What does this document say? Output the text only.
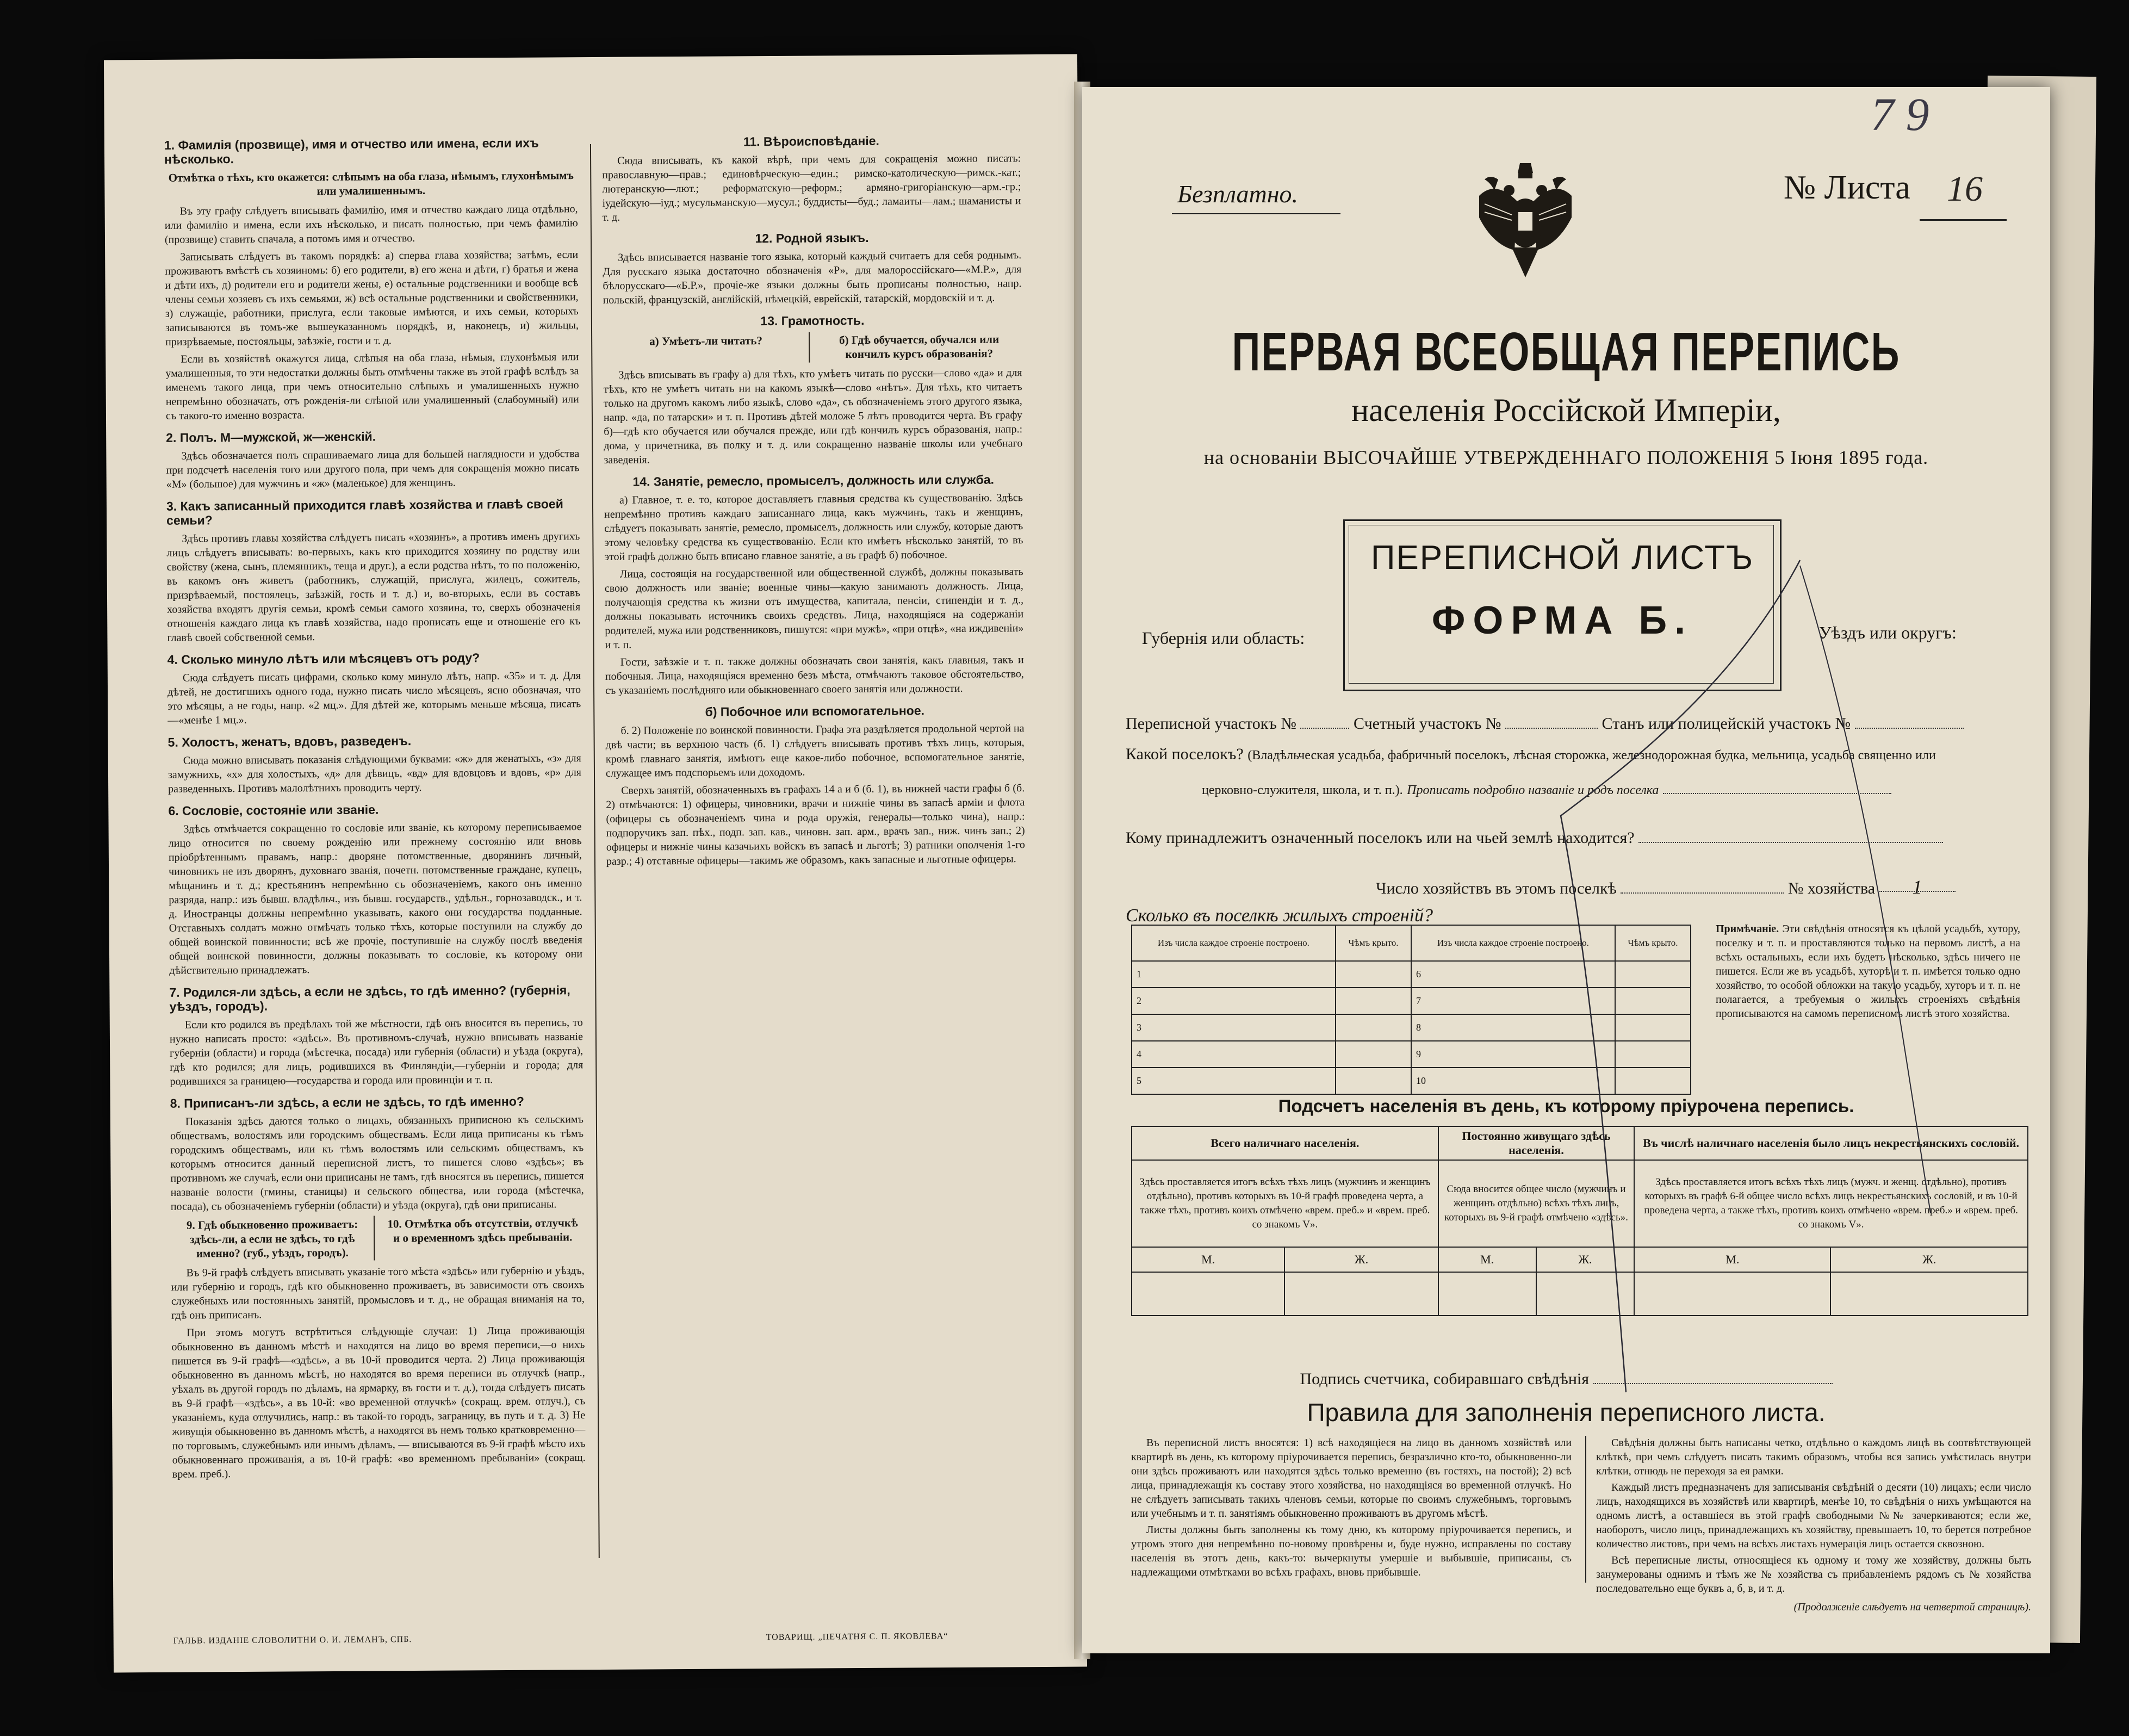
1. Фамилія (прозвище), имя и отчество или имена, если ихъ нѣсколько.
Отмѣтка о тѣхъ, кто окажется: слѣпымъ на оба глаза, нѣмымъ, глухонѣмымъ или умалишеннымъ.

Въ эту графу слѣдуетъ вписывать фамилію, имя и отчество каждаго лица отдѣльно, или фамилію и имена, если ихъ нѣсколько, и писать полностью, при чемъ фамилію (прозвище) ставить спачала, а потомъ имя и отчество.

Записывать слѣдуетъ въ такомъ порядкѣ: а) сперва глава хозяйства; затѣмъ, если проживаютъ вмѣстѣ съ хозяиномъ: б) его родители, в) его жена и дѣти, г) братья и жена и дѣти ихъ, д) родители его и родители жены, е) остальные родственники и вообще всѣ члены семьи хозяевъ съ ихъ семьями, ж) всѣ остальные родственники и свойственники, з) служащіе, работники, прислуга, если таковые имѣются, и ихъ семьи, которыхъ записываются въ томъ-же вышеуказанномъ порядкѣ, и, наконецъ, и) жильцы, призрѣваемые, постояльцы, заѣзжіе, гости и т. д.

Если въ хозяйствѣ окажутся лица, слѣпыя на оба глаза, нѣмыя, глухонѣмыя или умалишенныя, то эти недостатки должны быть отмѣчены также въ этой графѣ вслѣдъ за именемъ такого лица, при чемъ относительно слѣпыхъ и умалишенныхъ нужно непремѣнно обозначать, отъ рожденія-ли слѣпой или умалишенный (слабоумный) или съ такого-то именно возраста.

2. Полъ. М—мужской, ж—женскій.

Здѣсь обозначается полъ спрашиваемаго лица для большей наглядности и удобства при подсчетѣ населенія того или другого пола, при чемъ для сокращенія можно писать «М» (большое) для мужчинъ и «ж» (маленькое) для женщинъ.

3. Какъ записанный приходится главѣ хозяйства и главѣ своей семьи?

Здѣсь противъ главы хозяйства слѣдуетъ писать «хозяинъ», а противъ именъ другихъ лицъ слѣдуетъ вписывать: во-первыхъ, какъ кто приходится хозяину по родству или свойству (жена, сынъ, племянникъ, теща и друг.), а если родства нѣтъ, то по положенію, въ какомъ онъ живетъ (работникъ, служащій, прислуга, жилецъ, сожитель, призрѣваемый, постоялецъ, заѣзжій, гость и т. д.) и, во-вторыхъ, если въ составъ хозяйства входятъ другія семьи, кромѣ семьи самого хозяина, то, сверхъ обозначенія отношенія каждаго лица къ главѣ хозяйства, надо прописать еще и отношеніе его къ главѣ своей собственной семьи.

4. Сколько минуло лѣтъ или мѣсяцевъ отъ роду?

Сюда слѣдуетъ писать цифрами, сколько кому минуло лѣтъ, напр. «35» и т. д. Для дѣтей, не достигшихъ одного года, нужно писать число мѣсяцевъ, ясно обозначая, что это мѣсяцы, а не годы, напр. «2 мц.». Для дѣтей же, которымъ меньше мѣсяца, писать—«менѣе 1 мц.».

5. Холостъ, женатъ, вдовъ, разведенъ.

Сюда можно вписывать показанія слѣдующими буквами: «ж» для женатыхъ, «з» для замужнихъ, «х» для холостыхъ, «д» для дѣвицъ, «вд» для вдовцовъ и вдовъ, «р» для разведенныхъ. Противъ малолѣтнихъ проводить черту.

6. Сословіе, состояніе или званіе.

Здѣсь отмѣчается сокращенно то сословіе или званіе, къ которому переписываемое лицо относится по своему рожденію или прежнему состоянію или вновь пріобрѣтеннымъ правамъ, напр.: дворяне потомственные, дворянинъ личный, чиновникъ не изъ дворянъ, духовнаго званія, почетн. потомственные граждане, купецъ, мѣщанинъ и т. д.; крестьянинъ непремѣнно съ обозначеніемъ, какого онъ именно разряда, напр.: изъ бывш. владѣльч., изъ бывш. государств., удѣльн., горнозаводск., и т. д. Иностранцы должны непремѣнно указывать, какого они государства подданные. Отставныхъ солдатъ можно отмѣчать только тѣхъ, которые поступили на службу до общей воинской повинности; всѣ же прочіе, поступившіе на службу послѣ введенія общей воинской повинности, должны показывать то сословіе, къ которому они дѣйствительно принадлежатъ.

7. Родился-ли здѣсь, а если не здѣсь, то гдѣ именно? (губернія, уѣздъ, городъ).

Если кто родился въ предѣлахъ той же мѣстности, гдѣ онъ вносится въ перепись, то нужно написать просто: «здѣсь». Въ противномъ-случаѣ, нужно вписывать названіе губерніи (области) и города (мѣстечка, посада) или губернія (области) и уѣзда (округа), гдѣ кто родился; для лицъ, родившихся въ Финляндіи,—губерніи и города; для родившихся за границею—государства и города или провинціи и т. п.

8. Приписанъ-ли здѣсь, а если не здѣсь, то гдѣ именно?

Показанія здѣсь даются только о лицахъ, обязанныхъ приписною къ сельскимъ обществамъ, волостямъ или городскимъ обществамъ. Если лица приписаны къ тѣмъ городскимъ обществамъ, или къ тѣмъ волостямъ или сельскимъ обществамъ, къ которымъ относится данный переписной листъ, то пишется слово «здѣсь»; въ противномъ же случаѣ, если они приписаны не тамъ, гдѣ вносятся въ перепись, пишется названіе волости (гмины, станицы) и сельского общества, или города (мѣстечка, посада), съ обозначеніемъ губерніи (области) и уѣзда (округа), гдѣ они приписаны.

9. Гдѣ обыкновенно проживаетъ: здѣсь-ли, а если не здѣсь, то гдѣ именно? (губ., уѣздъ, городъ).
10. Отмѣтка объ отсутствіи, отлучкѣ и о временномъ здѣсь пребываніи.

Въ 9-й графѣ слѣдуетъ вписывать указаніе того мѣста «здѣсь» или губернію и уѣздъ, или губернію и городъ, гдѣ кто обыкновенно проживаетъ, въ зависимости отъ своихъ служебныхъ или постоянныхъ занятій, промысловъ и т. д., не обращая вниманія на то, гдѣ онъ приписанъ.

При этомъ могутъ встрѣтиться слѣдующіе случаи: 1) Лица проживающія обыкновенно въ данномъ мѣстѣ и находятся на лицо во время переписи,—о нихъ пишется въ 9-й графѣ—«здѣсь», а въ 10-й проводится черта. 2) Лица проживающія обыкновенно въ данномъ мѣстѣ, но находятся во время переписи въ отлучкѣ (напр., уѣхалъ въ другой городъ по дѣламъ, на ярмарку, въ гости и т. д.), тогда слѣдуетъ писать въ 9-й графѣ—«здѣсь», а въ 10-й: «во временной отлучкѣ» (сокращ. врем. отлуч.), съ указаніемъ, куда отлучились, напр.: въ такой-то городъ, заграницу, въ путь и т. д. 3) Не живущія обыкновенно въ данномъ мѣстѣ, а находятся въ немъ только кратковременно—по торговымъ, служебнымъ или инымъ дѣламъ, — вписываются въ 9-й графѣ мѣсто ихъ обыкновеннаго проживанія, а въ 10-й графѣ: «во временномъ пребываніи» (сокращ. врем. преб.).

11. Вѣроисповѣданіе.

Сюда вписывать, къ какой вѣрѣ, при чемъ для сокращенія можно писать: православную—прав.; единовѣрческую—един.; римско-католическую—римск.-кат.; лютеранскую—лют.; реформатскую—реформ.; армяно-григоріанскую—арм.-гр.; іудейскую—іуд.; мусульманскую—мусул.; буддисты—буд.; ламаиты—лам.; шаманисты и т. д.

12. Родной языкъ.

Здѣсь вписывается названіе того языка, который каждый считаетъ для себя роднымъ. Для русскаго языка достаточно обозначенія «Р», для малороссійскаго—«М.Р.», для бѣлорусскаго—«Б.Р.», прочіе-же языки должны быть прописаны полностью, напр. польскій, французскій, англійскій, нѣмецкій, еврейскій, татарскій, мордовскій и т. д.

13. Грамотность.
а) Умѣетъ-ли читать?	б) Гдѣ обучается, обучался или кончилъ курсъ образованія?

Здѣсь вписывать въ графу а) для тѣхъ, кто умѣетъ читать по русски—слово «да» и для тѣхъ, кто не умѣетъ читать ни на какомъ языкѣ—слово «нѣтъ». Для тѣхъ, кто читаетъ только на другомъ какомъ либо языкѣ, слово «да», съ обозначеніемъ этого другого языка, напр. «да, по татарски» и т. п. Противъ дѣтей моложе 5 лѣтъ проводится черта. Въ графу б)—гдѣ кто обучается или обучался прежде, или гдѣ кончилъ курсъ образованія, напр.: дома, у причетника, въ полку и т. д. или сокращенно названіе школы или учебнаго заведенія.

14. Занятіе, ремесло, промыселъ, должность или служба.

а) Главное, т. е. то, которое доставляетъ главныя средства къ существованію. Здѣсь непремѣнно противъ каждаго записаннаго лица, какъ мужчинъ, такъ и женщинъ, слѣдуетъ показывать занятіе, ремесло, промыселъ, должность или службу, которые даютъ этому человѣку средства къ существованію. Если кто имѣетъ нѣсколько занятій, то въ этой графѣ должно быть вписано главное занятіе, а въ графѣ б) побочное.

Лица, состоящія на государственной или общественной службѣ, должны показывать свою должность или званіе; военные чины—какую занимаютъ должность. Лица, получающія средства къ жизни отъ имущества, капитала, пенсіи, стипендіи и т. д., должны показывать источникъ своихъ средствъ. Лица, находящіяся на содержаніи родителей, мужа или родственниковъ, пишутся: «при мужѣ», «при отцѣ», «на иждивеніи» и т. п.

Гости, заѣзжіе и т. п. также должны обозначать свои занятія, какъ главныя, такъ и побочныя. Лица, находящіяся временно безъ мѣста, отмѣчаютъ таковое обстоятельство, съ указаніемъ послѣдняго или обыкновеннаго своего занятія или должности.

б) Побочное или вспомогательное.

б. 2) Положеніе по воинской повинности. Графа эта раздѣляется продольной чертой на двѣ части; въ верхнюю часть (б. 1) слѣдуетъ вписывать противъ тѣхъ лицъ, которыя, кромѣ главнаго занятія, имѣютъ еще какое-либо побочное, вспомогательное занятіе, служащее имъ подспорьемъ или доходомъ.

Сверхъ занятій, обозначенныхъ въ графахъ 14 а и б (б. 1), въ нижней части графы б (б. 2) отмѣчаются: 1) офицеры, чиновники, врачи и нижніе чины въ запасѣ арміи и флота (офицеры съ обозначеніемъ чина и рода оружія, генералы—только чина), напр.: подпоручикъ зап. пѣх., подп. зап. кав., чиновн. зап. арм., врачъ зап., ниж. чинъ зап.; 2) офицеры и нижніе чины казачьихъ войскъ въ запасѣ и льготѣ; 3) ратники ополченія 1-го разр.; 4) отставные офицеры—такимъ же образомъ, какъ запасные и льготные офицеры.

ГАЛЬВ. ИЗДАНІЕ СЛОВОЛИТНИ О. И. ЛЕМАНЪ, СПБ.	ТОВАРИЩ. „ПЕЧАТНЯ С. П. ЯКОВЛЕВА“
7 9
Безплатно.	№ Листа 16
ПЕРВАЯ ВСЕОБЩАЯ ПЕРЕПИСЬ
населенія Россійской Имперіи,
на основаніи ВЫСОЧАЙШЕ УТВЕРЖДЕННАГО ПОЛОЖЕНІЯ 5 Іюня 1895 года.
Губернія или область:
ПЕРЕПИСНОЙ ЛИСТЪ
ФОРМА Б.	Уѣздъ или округъ:
Переписной участокъ №	Счетный участокъ №	Станъ или полицейскій участокъ №
Какой поселокъ? (Владѣльческая усадьба, фабричный поселокъ, лѣсная сторожка, железнодорожная будка, мельница, усадьба священно или
церковно-служителя, школа, и т. п.). Прописать подробно названіе и родъ поселка
Кому принадлежитъ означенный поселокъ или на чьей землѣ находится?
Число хозяйствъ въ этомъ поселкѣ	№ хозяйства 1
Сколько въ поселкѣ жилыхъ строеній?
Изъ числа каждое строеніе построено.	Чѣмъ крыто.	Изъ числа каждое строеніе построено.	Чѣмъ крыто.
1		6	
2		7	
3		8	
4		9	
5		10	
Примѣчаніе. Эти свѣдѣнія относятся къ цѣлой усадьбѣ, хутору, поселку и т. п. и проставляются только на первомъ листѣ, а на всѣхъ остальныхъ, если ихъ будетъ нѣсколько, здѣсь ничего не пишется. Если же въ усадьбѣ, хуторѣ и т. п. имѣется только одно хозяйство, то особой обложки на такую усадьбу, хуторъ и т. п. не полагается, а требуемыя о жилыхъ строеніяхъ свѣдѣнія прописываются на самомъ переписномъ листѣ этого хозяйства.
Подсчетъ населенія въ день, къ которому пріурочена перепись.
Всего наличнаго населенія.		Постоянно живущаго здѣсь населенія.		Въ числѣ наличнаго населенія было лицъ некрестьянскихъ сословій.	
Здѣсь проставляется итогъ всѣхъ тѣхъ лицъ (мужчинъ и женщинъ отдѣльно), противъ которыхъ въ 10-й графѣ проведена черта, а также тѣхъ, противъ коихъ отмѣчено «врем. преб.» и «врем. преб. со знакомъ V».		Сюда вносится общее число (мужчинъ и женщинъ отдѣльно) всѣхъ тѣхъ лицъ, которыхъ въ 9-й графѣ отмѣчено «здѣсь».		Здѣсь проставляется итогъ всѣхъ тѣхъ лицъ (мужч. и женщ. отдѣльно), противъ которыхъ въ графѣ 6-й общее число всѣхъ лицъ некрестьянскихъ сословій, и въ 10-й проведена черта, а также тѣхъ, противъ коихъ отмѣчено «врем. преб.» и «врем. преб. со знакомъ V».	
М.	Ж.	М.	Ж.	М.	Ж.

Подпись счетчика, собиравшаго свѣдѣнія
Правила для заполненія переписного листа.

Въ переписной листъ вносятся: 1) всѣ находящіеся на лицо въ данномъ хозяйствѣ или квартирѣ въ день, къ которому пріурочивается перепись, безразлично кто-то, обыкновенно-ли они здѣсь проживаютъ или находятся здѣсь только временно (въ гостяхъ, на постой); 2) всѣ лица, принадлежащія къ составу этого хозяйства, но находящіяся во временной отлучкѣ. Но не слѣдуетъ записывать такихъ членовъ семьи, которые по своимъ служебнымъ, торговымъ или учебнымъ и т. п. занятіямъ обыкновенно проживаютъ въ другомъ мѣстѣ.

Листы должны быть заполнены къ тому дню, къ которому пріурочивается перепись, и утромъ этого дня непремѣнно по-новому провѣрены и, буде нужно, исправлены по составу населенія въ этотъ день, какъ-то: вычеркнуты умершіе и выбывшіе, приписаны, съ надлежащими отмѣтками во всѣхъ графахъ, вновь прибывшіе.

Свѣдѣнія должны быть написаны четко, отдѣльно о каждомъ лицѣ въ соотвѣтствующей клѣткѣ, при чемъ слѣдуетъ писать такимъ образомъ, чтобы вся запись умѣстилась внутри клѣтки, отнюдь не переходя за ея рамки.

Каждый листъ предназначенъ для записыванія свѣдѣній о десяти (10) лицахъ; если число лицъ, находящихся въ хозяйствѣ или квартирѣ, менѣе 10, то свѣдѣнія о нихъ умѣщаются на одномъ листѣ, а оставшіеся въ этой графѣ свободными №№ зачеркиваются; если же, наоборотъ, число лицъ, принадлежащихъ къ хозяйству, превышаетъ 10, то берется потребное количество листовъ, при чемъ на всѣхъ листахъ нумерація лицъ остается сквозною.

Всѣ переписные листы, относящіеся къ одному и тому же хозяйству, должны быть занумерованы однимъ и тѣмъ же № хозяйства съ прибавленіемъ рядомъ съ № хозяйства последовательно еще буквъ а, б, в, и т. д.

(Продолженіе слѣдуетъ на четвертой страницѣ).
